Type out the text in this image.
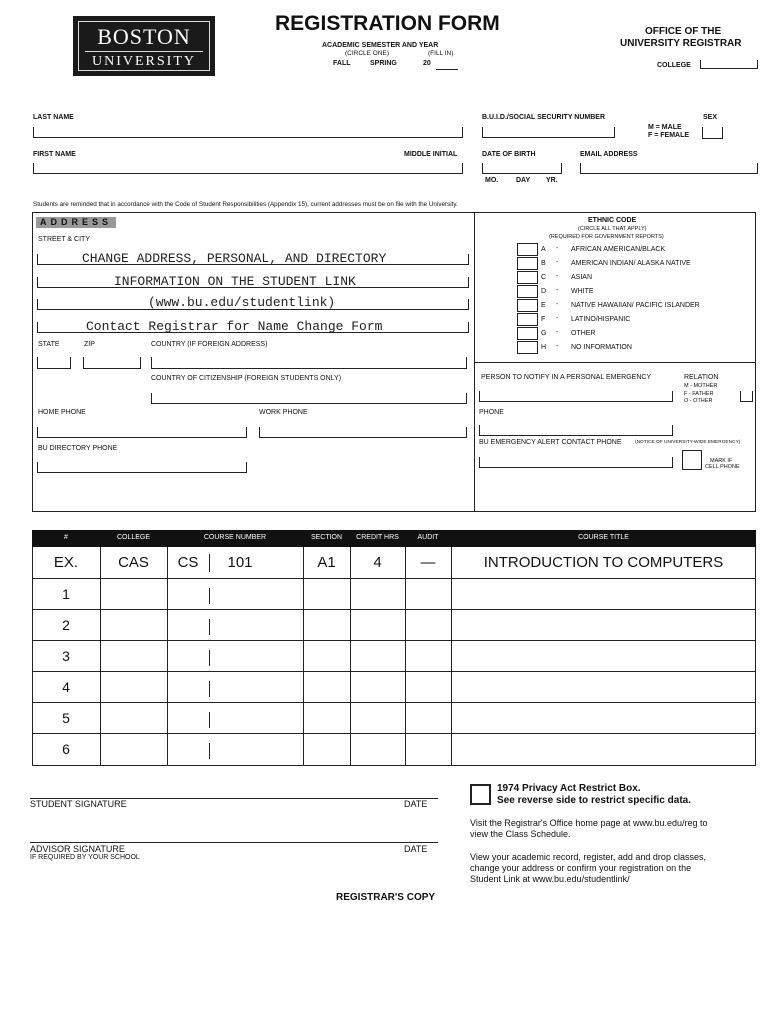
BOSTON
UNIVERSITY
REGISTRATION FORM
ACADEMIC SEMESTER AND YEAR
(CIRCLE ONE)	(FILL IN)
FALL	SPRING	20
OFFICE OF THE
UNIVERSITY REGISTRAR
COLLEGE
LAST NAME	B.U.I.D./SOCIAL SECURITY NUMBER	SEX
M = MALE
F = FEMALE
FIRST NAME	MIDDLE INITIAL	DATE OF BIRTH
MO.	DAY YR.
EMAIL ADDRESS
Students are reminded that in accordance with the Code of Student Responsibilities (Appendix 15), current addresses must be on file with the University.
ADDRESS
STREET & CITY
CHANGE ADDRESS, PERSONAL, AND DIRECTORY
INFORMATION ON THE STUDENT LINK
(www.bu.edu/studentlink)
Contact Registrar for Name Change Form
STATE	ZIP	COUNTRY (IF FOREIGN ADDRESS)
COUNTRY OF CITIZENSHIP (FOREIGN STUDENTS ONLY)
HOME PHONE	WORK PHONE
BU DIRECTORY PHONE
ETHNIC CODE
(CIRCLE ALL THAT APPLY)
(REQUIRED FOR GOVERNMENT REPORTS)
A - AFRICAN AMERICAN/BLACK
B - AMERICAN INDIAN/ ALASKA NATIVE
C - ASIAN
D - WHITE
E - NATIVE HAWAIIAN/ PACIFIC ISLANDER
F - LATINO/HISPANIC
G - OTHER
H - NO INFORMATION
PERSON TO NOTIFY IN A PERSONAL EMERGENCY	RELATION
M - MOTHER
F - FATHER
O - OTHER
PHONE
BU EMERGENCY ALERT CONTACT PHONE	(NOTICE OF UNIVERSITY-WIDE EMERGENCY)
MARK IF
CELL PHONE
#	COLLEGE	COURSE NUMBER	SECTION	CREDIT HRS	AUDIT	COURSE TITLE
EX.	CAS	CS	101	A1	4	—	INTRODUCTION TO COMPUTERS
1
2
3
4
5
6
STUDENT SIGNATURE	DATE
ADVISOR SIGNATURE
IF REQUIRED BY YOUR SCHOOL
DATE
1974 Privacy Act Restrict Box.
See reverse side to restrict specific data.
Visit the Registrar's Office home page at www.bu.edu/reg to
view the Class Schedule.
View your academic record, register, add and drop classes,
change your address or confirm your registration on the
Student Link at www.bu.edu/studentlink/
REGISTRAR'S COPY
